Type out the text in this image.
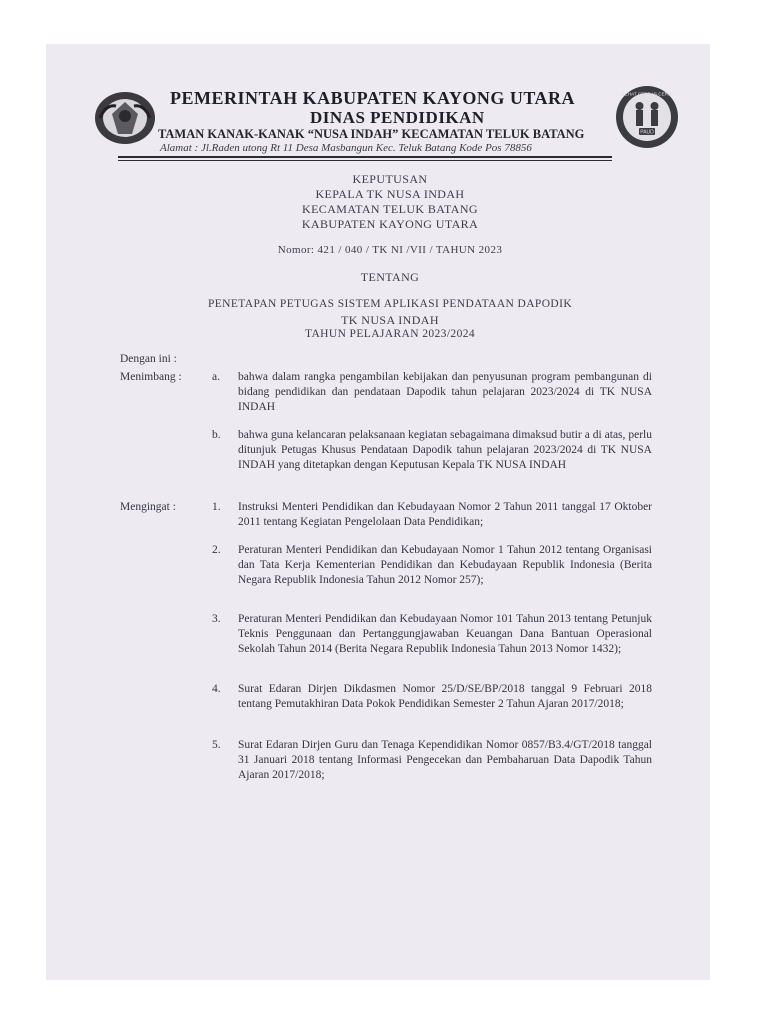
PAUD
SEHAT CERDAS CERIA
PEMERINTAH KABUPATEN KAYONG UTARA
DINAS PENDIDIKAN
TAMAN KANAK-KANAK “NUSA INDAH” KECAMATAN TELUK BATANG
Alamat : Jl.Raden utong Rt 11 Desa Masbangun Kec. Teluk Batang Kode Pos 78856
KEPUTUSAN
KEPALA TK NUSA INDAH
KECAMATAN TELUK BATANG
KABUPATEN KAYONG UTARA
Nomor: 421 / 040 / TK NI /VII / TAHUN 2023
TENTANG
PENETAPAN PETUGAS SISTEM APLIKASI PENDATAAN DAPODIK
TK NUSA INDAH
TAHUN PELAJARAN 2023/2024
Dengan ini :
Menimbang :	a. bahwa dalam rangka pengambilan kebijakan dan penyusunan program pembangunan di bidang pendidikan dan pendataan Dapodik tahun pelajaran 2023/2024 di TK NUSA INDAH
b. bahwa guna kelancaran pelaksanaan kegiatan sebagaimana dimaksud butir a di atas, perlu ditunjuk Petugas Khusus Pendataan Dapodik tahun pelajaran 2023/2024 di TK NUSA INDAH yang ditetapkan dengan Keputusan Kepala TK NUSA INDAH
Mengingat :	1. Instruksi Menteri Pendidikan dan Kebudayaan Nomor 2 Tahun 2011 tanggal 17 Oktober 2011 tentang Kegiatan Pengelolaan Data Pendidikan;
2. Peraturan Menteri Pendidikan dan Kebudayaan Nomor 1 Tahun 2012 tentang Organisasi dan Tata Kerja Kementerian Pendidikan dan Kebudayaan Republik Indonesia (Berita Negara Republik Indonesia Tahun 2012 Nomor 257);
3. Peraturan Menteri Pendidikan dan Kebudayaan Nomor 101 Tahun 2013 tentang Petunjuk Teknis Penggunaan dan Pertanggungjawaban Keuangan Dana Bantuan Operasional Sekolah Tahun 2014 (Berita Negara Republik Indonesia Tahun 2013 Nomor 1432);
4. Surat Edaran Dirjen Dikdasmen Nomor 25/D/SE/BP/2018 tanggal 9 Februari 2018 tentang Pemutakhiran Data Pokok Pendidikan Semester 2 Tahun Ajaran 2017/2018;
5. Surat Edaran Dirjen Guru dan Tenaga Kependidikan Nomor 0857/B3.4/GT/2018 tanggal 31 Januari 2018 tentang Informasi Pengecekan dan Pembaharuan Data Dapodik Tahun Ajaran 2017/2018;
